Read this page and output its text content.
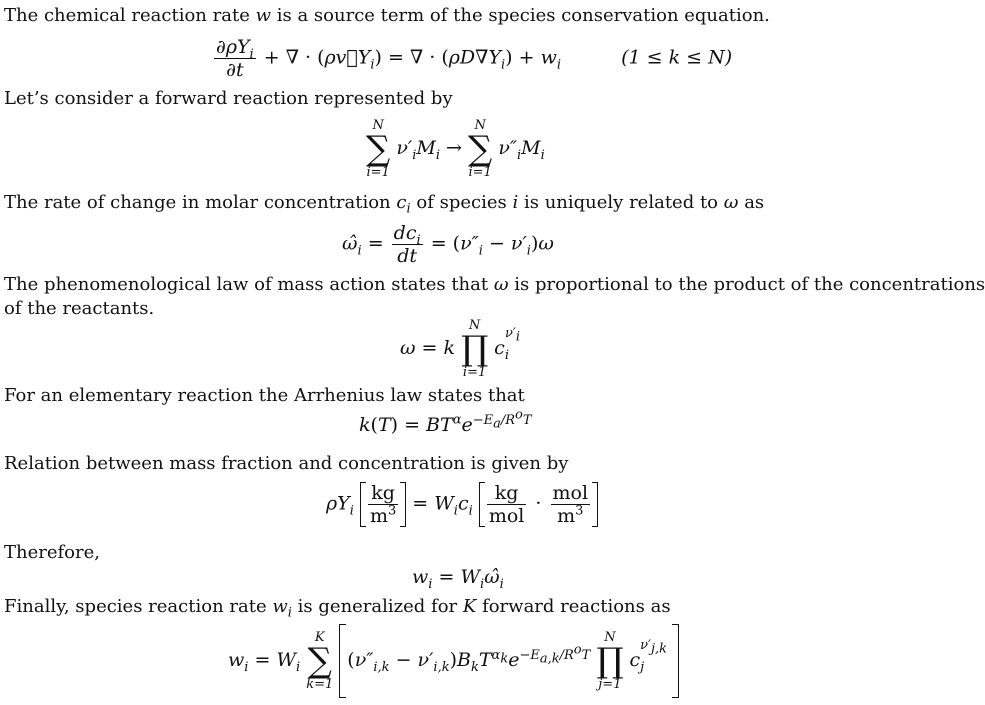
The chemical reaction rate w is a source term of the species conservation equation.
$\frac{\partial\rho Y_i}{\partial t}$ + ∇ · $(\rho v⃗Y_i)$ = ∇ · $(\rho D\nabla Y_i) + w_i$	(1 ≤ k ≤ N)
Let’s consider a forward reaction represented by
N
∑
i=1
$\nu'_iM_i$ →
N
∑
i=1
$\nu''_iM_i$
The rate of change in molar concentration $c_i$ of species i is uniquely related to ω as
$\omegâ_i = \frac{dc_i}{dt} = (\nu''_i - \nu'_i)\omega$
The phenomenological law of mass action states that ω is proportional to the product of the concentrations
of the reactants.
ω = k
N
∏
i=1
$c_i^{\nu'_i}$
For an elementary reaction the Arrhenius law states that
$k(T) = BT^\alpha e^{-E_a/R^oT}$
Relation between mass fraction and concentration is given by
$\rho Y_i \frac{kg}{m^3} = W_ic_i \frac{kg}{\text{mol}} \cdot \frac{\text{mol}}{m^3}$
Therefore,
$w_i$ = $W_i\omegâ_i$
Finally, species reaction rate $w_i$ is generalized for K forward reactions as
$w_i = W_i$
K
∑
k=1
$(\nu''_{i,k} - \nu'_{i,k})B_kT^{\alpha_k}e^{-E_{a,k}/R^oT}$
N
∏
j=1
$c_j^{\nu'_{j,k}}$
